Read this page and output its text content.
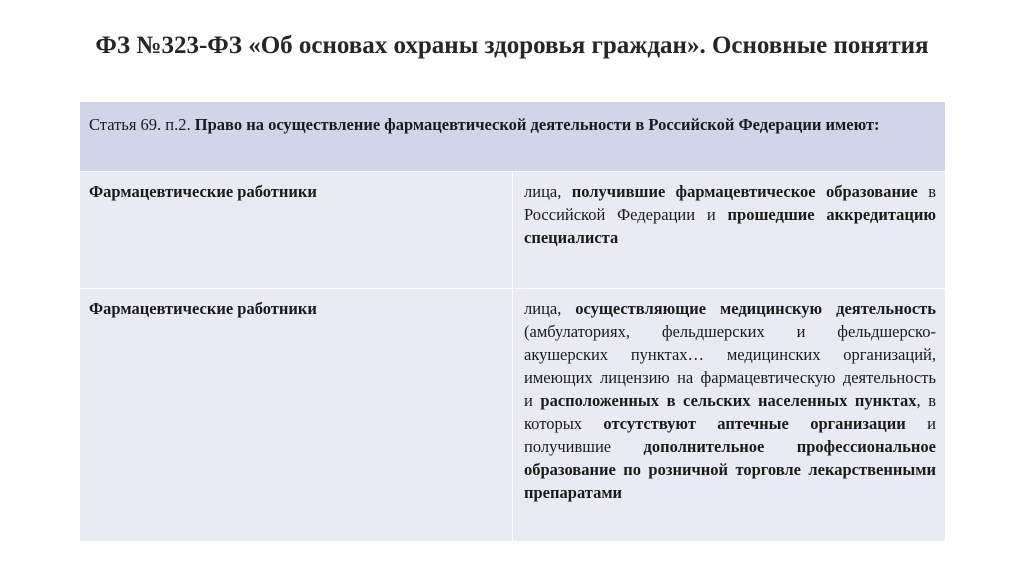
ФЗ №323-ФЗ «Об основах охраны здоровья граждан». Основные понятия
Статья 69. п.2. Право на осуществление фармацевтической деятельности в Российской Федерации имеют:	
Фармацевтические работники	лица, получившие фармацевтическое образование в Российской Федерации и прошедшие аккредитацию специалиста
Фармацевтические работники	лица, осуществляющие медицинскую деятельность (амбулаториях, фельдшерских и фельдшерско-акушерских пунктах… медицинских организаций, имеющих лицензию на фармацевтическую деятельность и расположенных в сельских населенных пунктах, в которых отсутствуют аптечные организации и получившие дополнительное профессиональное образование по розничной торговле лекарственными препаратами
